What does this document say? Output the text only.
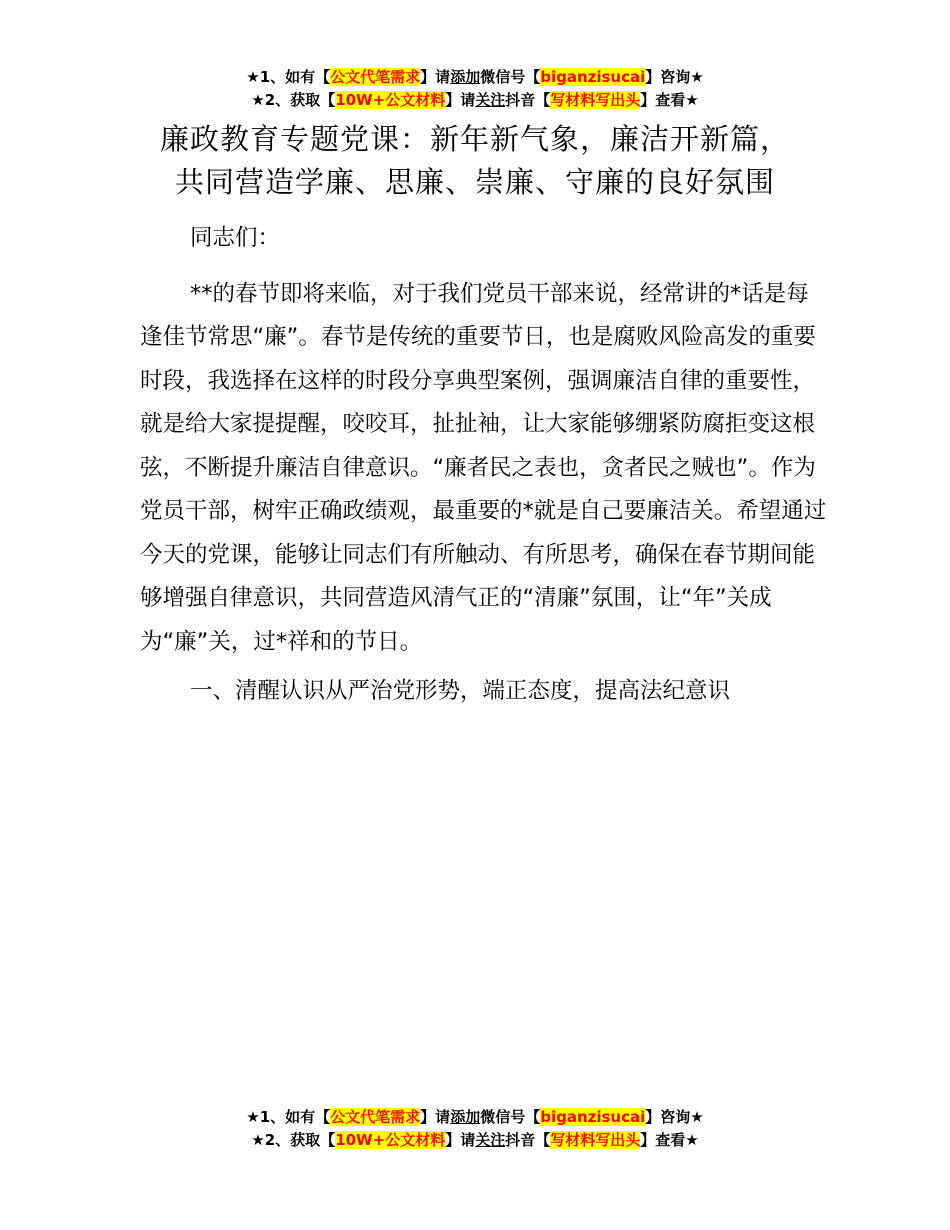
★1、如有【公文代笔需求】请添加微信号【biganzisucai】咨询★
★2、获取【10W+公文材料】请关注抖音【写材料写出头】查看★
廉政教育专题党课：新年新气象，廉洁开新篇，
共同营造学廉、思廉、崇廉、守廉的良好氛围

同志们：

**的春节即将来临，对于我们党员干部来说，经常讲的*话是每逢佳节常思“廉”。春节是传统的重要节日，也是腐败风险高发的重要时段，我选择在这样的时段分享典型案例，强调廉洁自律的重要性，就是给大家提提醒，咬咬耳，扯扯袖，让大家能够绷紧防腐拒变这根弦，不断提升廉洁自律意识。“廉者民之表也，贪者民之贼也”。作为党员干部，树牢正确政绩观，最重要的*就是自己要廉洁关。希望通过今天的党课，能够让同志们有所触动、有所思考，确保在春节期间能够增强自律意识，共同营造风清气正的“清廉”氛围，让“年”关成为“廉”关，过*祥和的节日。

一、清醒认识从严治党形势，端正态度，提高法纪意识

★1、如有【公文代笔需求】请添加微信号【biganzisucai】咨询★
★2、获取【10W+公文材料】请关注抖音【写材料写出头】查看★
